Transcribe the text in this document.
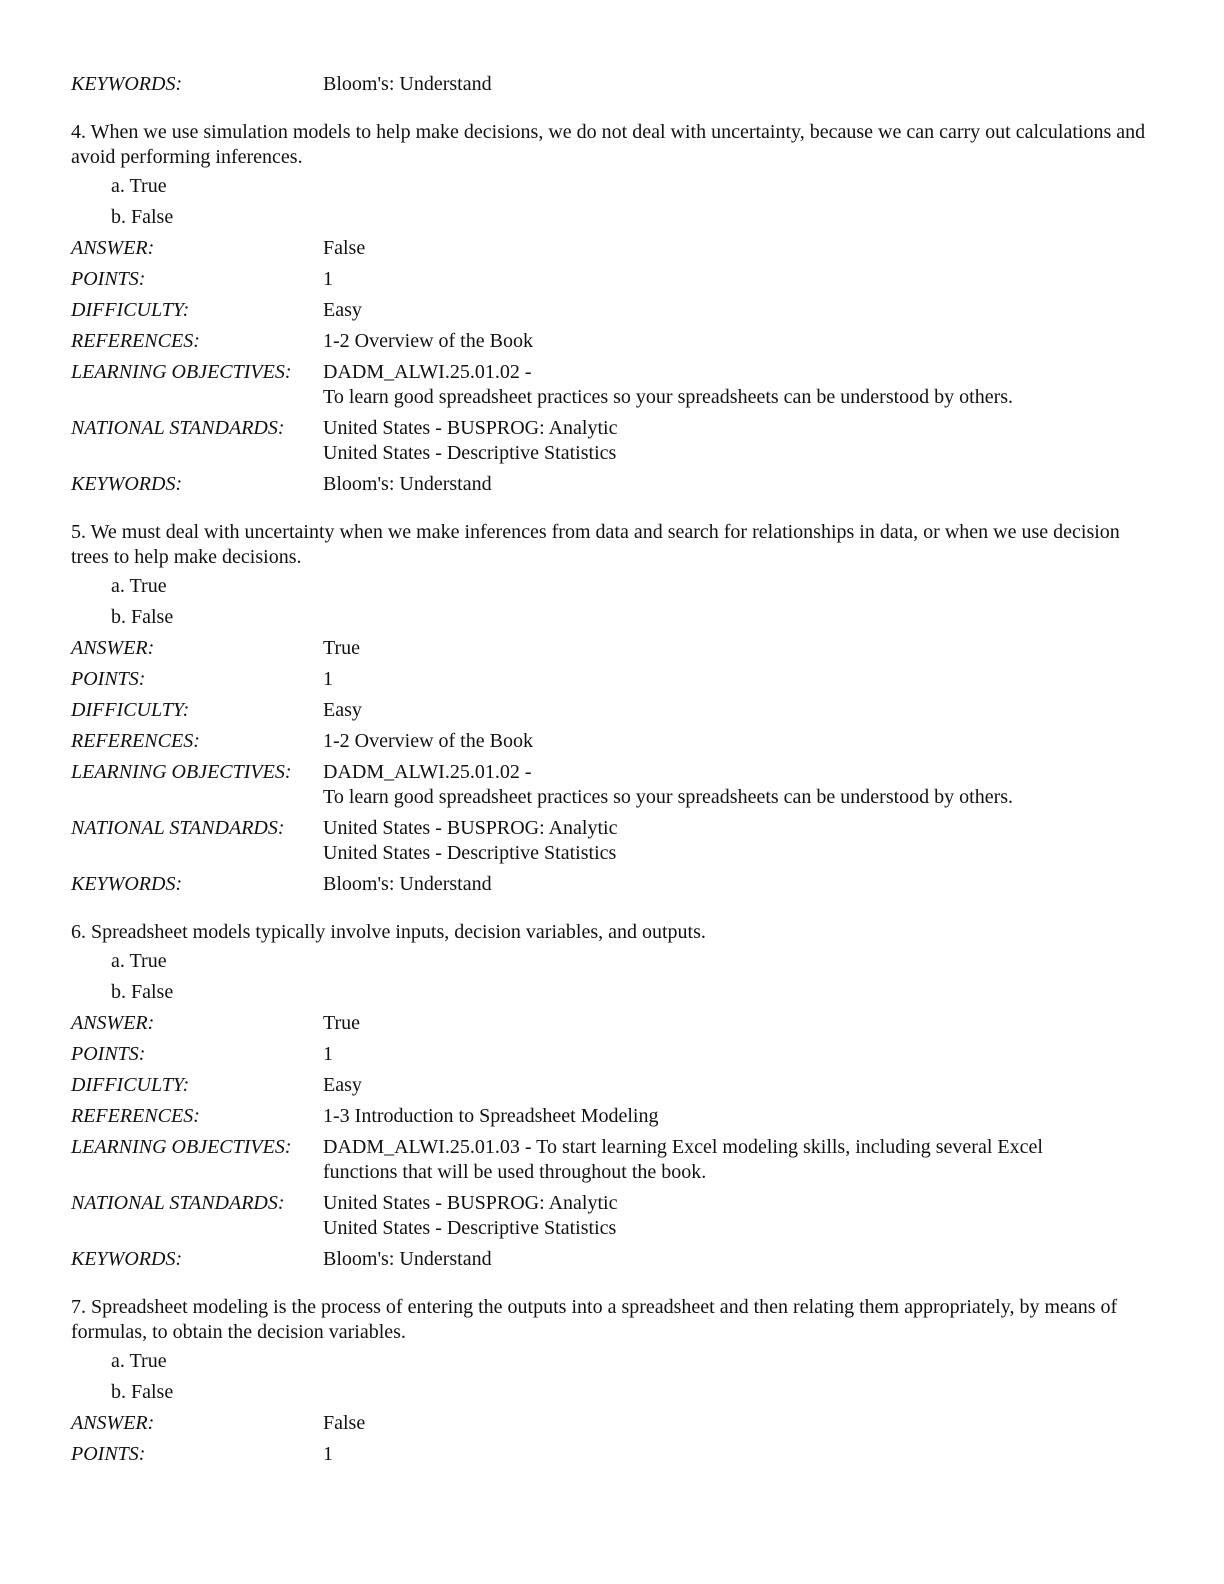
KEYWORDS:	Bloom's: Understand
4. When we use simulation models to help make decisions, we do not deal with uncertainty, because we can carry out calculations and avoid performing inferences.
a. True
b. False
ANSWER:	False
POINTS:	1
DIFFICULTY:	Easy
REFERENCES:	1-2 Overview of the Book
LEARNING OBJECTIVES:	DADM_ALWI.25.01.02 -
To learn good spreadsheet practices so your spreadsheets can be understood by others.
NATIONAL STANDARDS:	United States - BUSPROG: Analytic
United States - Descriptive Statistics
KEYWORDS:	Bloom's: Understand
5. We must deal with uncertainty when we make inferences from data and search for relationships in data, or when we use decision trees to help make decisions.
a. True
b. False
ANSWER:	True
POINTS:	1
DIFFICULTY:	Easy
REFERENCES:	1-2 Overview of the Book
LEARNING OBJECTIVES:	DADM_ALWI.25.01.02 -
To learn good spreadsheet practices so your spreadsheets can be understood by others.
NATIONAL STANDARDS:	United States - BUSPROG: Analytic
United States - Descriptive Statistics
KEYWORDS:	Bloom's: Understand
6. Spreadsheet models typically involve inputs, decision variables, and outputs.
a. True
b. False
ANSWER:	True
POINTS:	1
DIFFICULTY:	Easy
REFERENCES:	1-3 Introduction to Spreadsheet Modeling
LEARNING OBJECTIVES:	DADM_ALWI.25.01.03 - To start learning Excel modeling skills, including several Excel
functions that will be used throughout the book.
NATIONAL STANDARDS:	United States - BUSPROG: Analytic
United States - Descriptive Statistics
KEYWORDS:	Bloom's: Understand
7. Spreadsheet modeling is the process of entering the outputs into a spreadsheet and then relating them appropriately, by means of formulas, to obtain the decision variables.
a. True
b. False
ANSWER:	False
POINTS:	1
